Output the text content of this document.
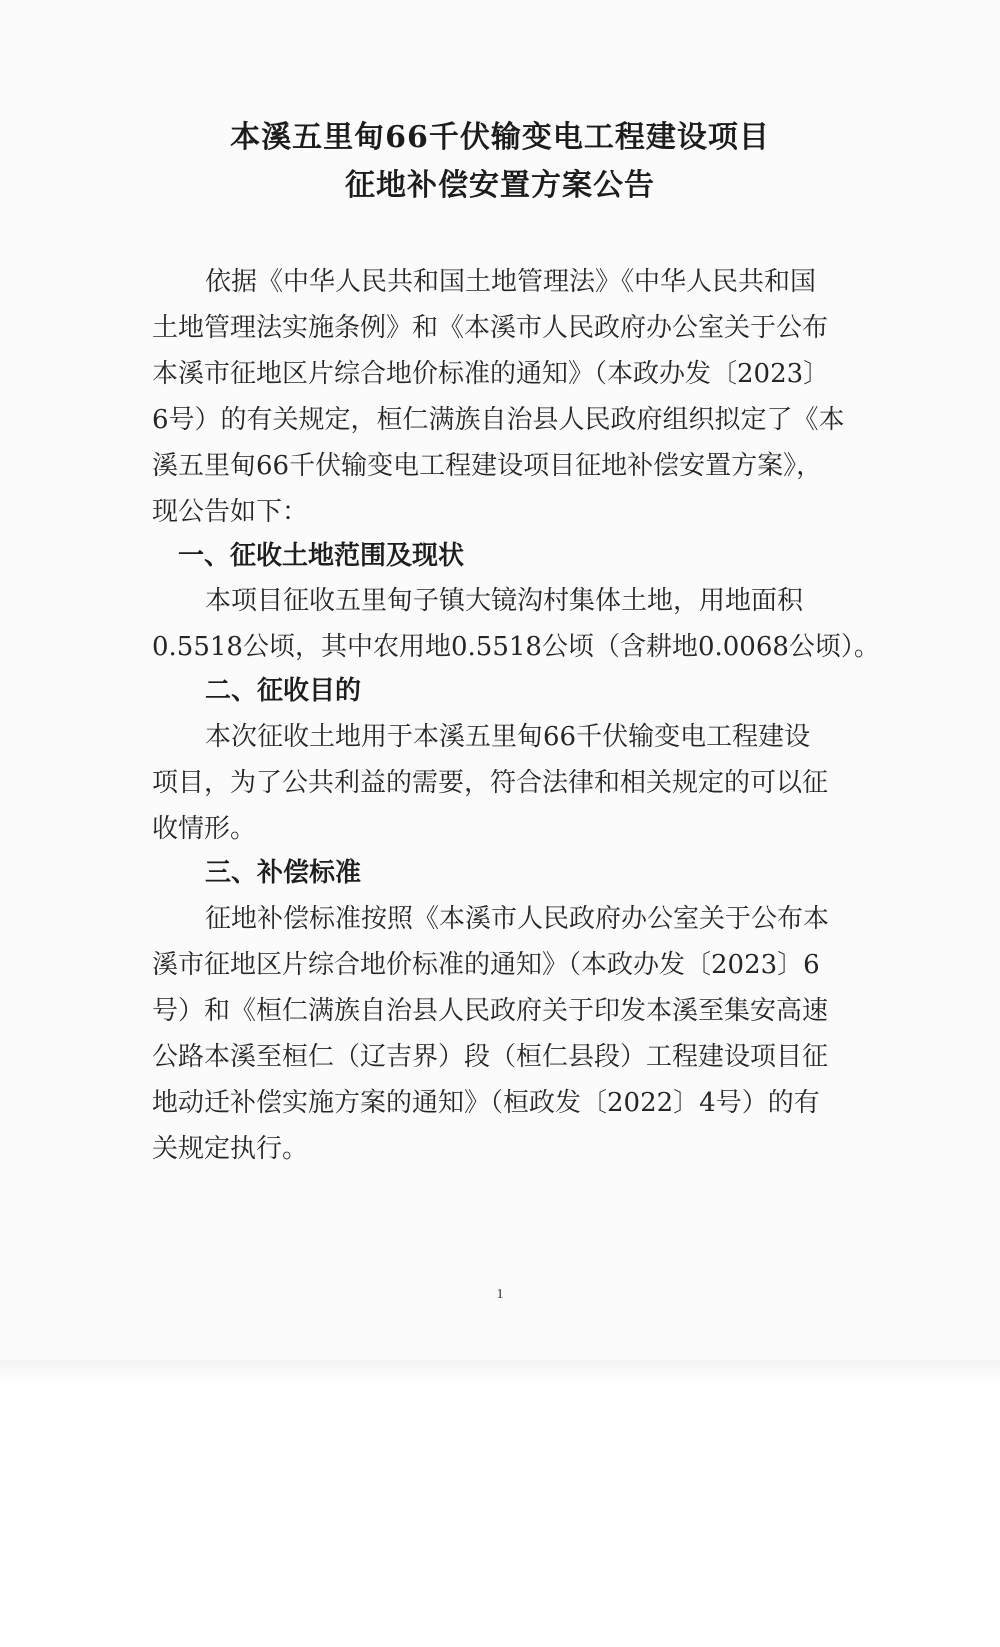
本溪五里甸66千伏输变电工程建设项目
征地补偿安置方案公告

依据《中华人民共和国土地管理法》《中华人民共和国

土地管理法实施条例》和《本溪市人民政府办公室关于公布

本溪市征地区片综合地价标准的通知》（本政办发〔2023〕

6号）的有关规定，桓仁满族自治县人民政府组织拟定了《本

溪五里甸66千伏输变电工程建设项目征地补偿安置方案》，

现公告如下：

一、征收土地范围及现状

本项目征收五里甸子镇大镜沟村集体土地，用地面积

0.5518公顷，其中农用地0.5518公顷（含耕地0.0068公顷）。

二、征收目的

本次征收土地用于本溪五里甸66千伏输变电工程建设

项目，为了公共利益的需要，符合法律和相关规定的可以征

收情形。

三、补偿标准

征地补偿标准按照《本溪市人民政府办公室关于公布本

溪市征地区片综合地价标准的通知》（本政办发〔2023〕6

号）和《桓仁满族自治县人民政府关于印发本溪至集安高速

公路本溪至桓仁（辽吉界）段（桓仁县段）工程建设项目征

地动迁补偿实施方案的通知》（桓政发〔2022〕4号）的有

关规定执行。

1
